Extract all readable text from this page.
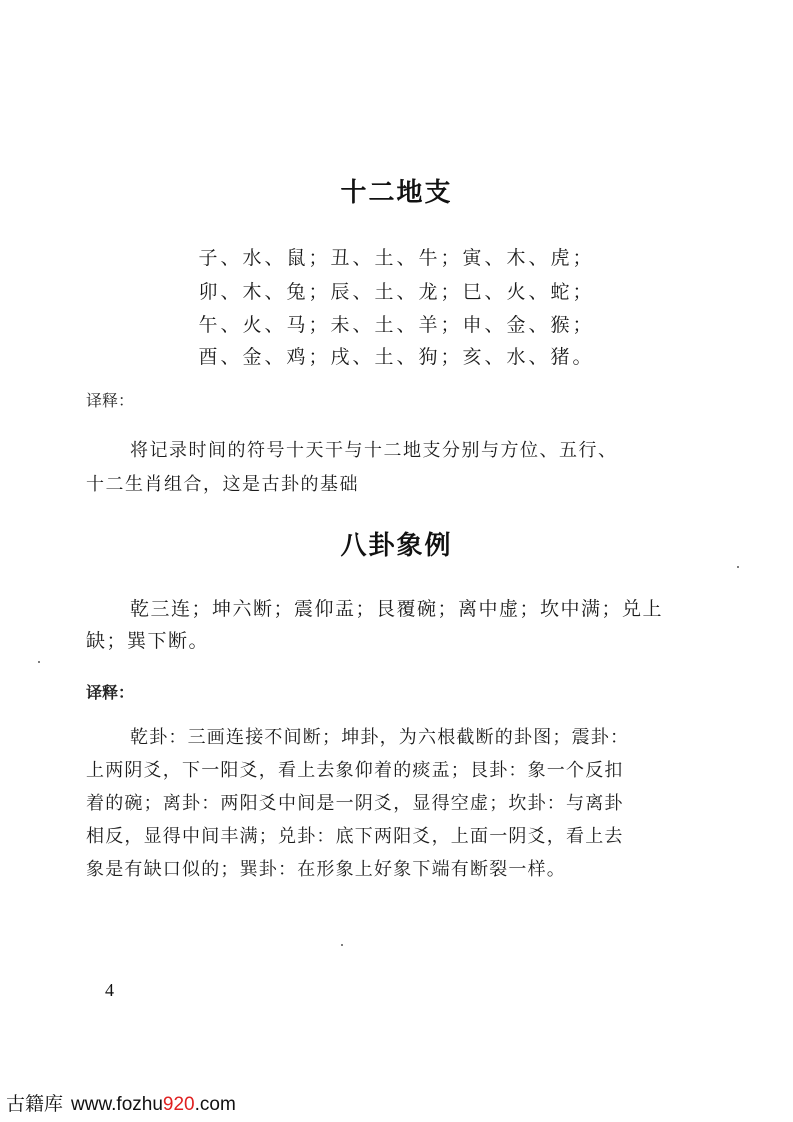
十二地支
子、水、鼠；丑、土、牛；寅、木、虎；
卯、木、兔；辰、土、龙；巳、火、蛇；
午、火、马；未、土、羊；申、金、猴；
酉、金、鸡；戌、土、狗；亥、水、猪。
译释：
将记录时间的符号十天干与十二地支分别与方位、五行、
十二生肖组合，这是古卦的基础
八卦象例
乾三连；坤六断；震仰盂；艮覆碗；离中虚；坎中满；兑上
缺；巽下断。
译释：
乾卦：三画连接不间断；坤卦，为六根截断的卦图；震卦：
上两阴爻，下一阳爻，看上去象仰着的痰盂；艮卦：象一个反扣
着的碗；离卦：两阳爻中间是一阴爻，显得空虚；坎卦：与离卦
相反，显得中间丰满；兑卦：底下两阳爻，上面一阴爻，看上去
象是有缺口似的；巽卦：在形象上好象下端有断裂一样。
4
古籍库 www.fozhu920.com
